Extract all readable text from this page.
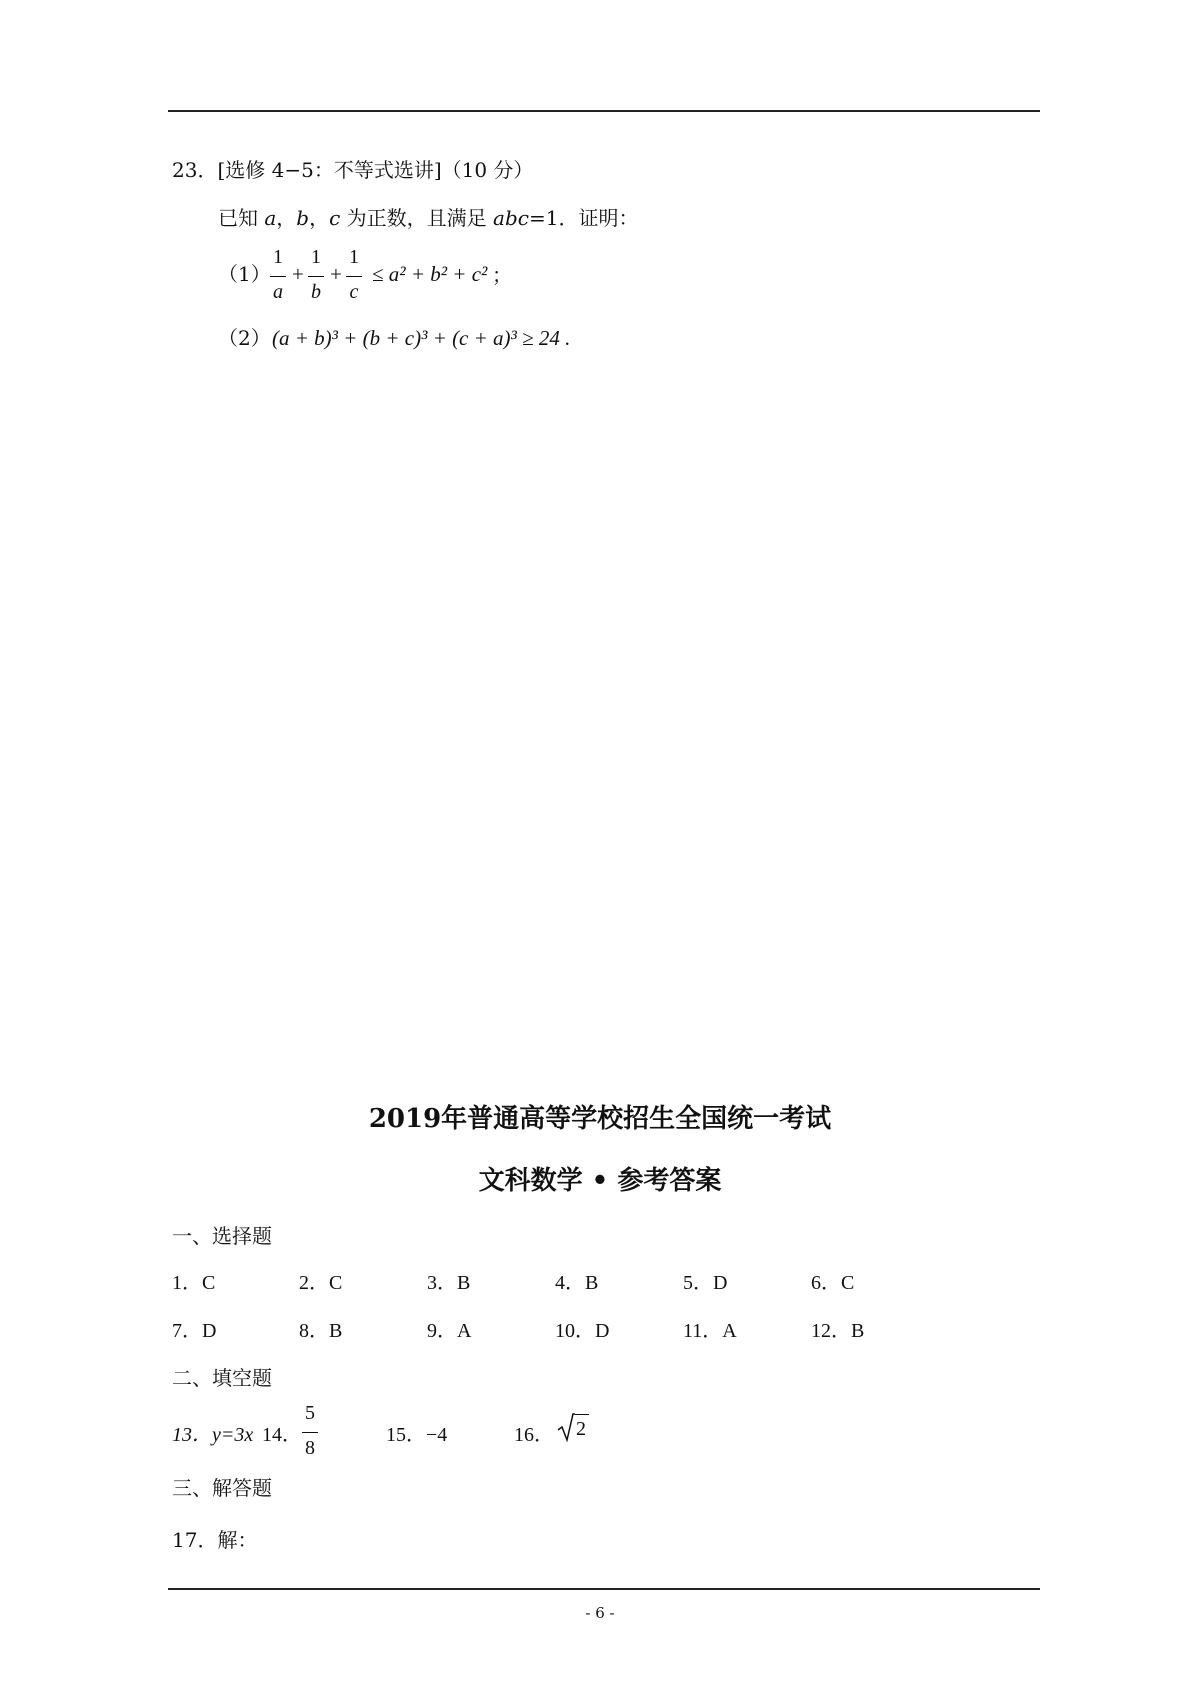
23．[选修 4−5：不等式选讲]（10 分）
已知 a，b，c 为正数，且满足 abc=1．证明：
（1）
1
a
+
1
b
+
1
c
≤ a² + b² + c² ；
（2） (a + b)³ + (b + c)³ + (c + a)³ ≥ 24 .
2019年普通高等学校招生全国统一考试
文科数学 • 参考答案
一、选择题
1．C	2．C	3．B	4．B	5．D	6．C
7．D	8．B	9．A	10．D	11．A	12．B
二、填空题
13．y=3x 14．
5
8
15．−4	16． 2
三、解答题
17．解：
- 6 -
